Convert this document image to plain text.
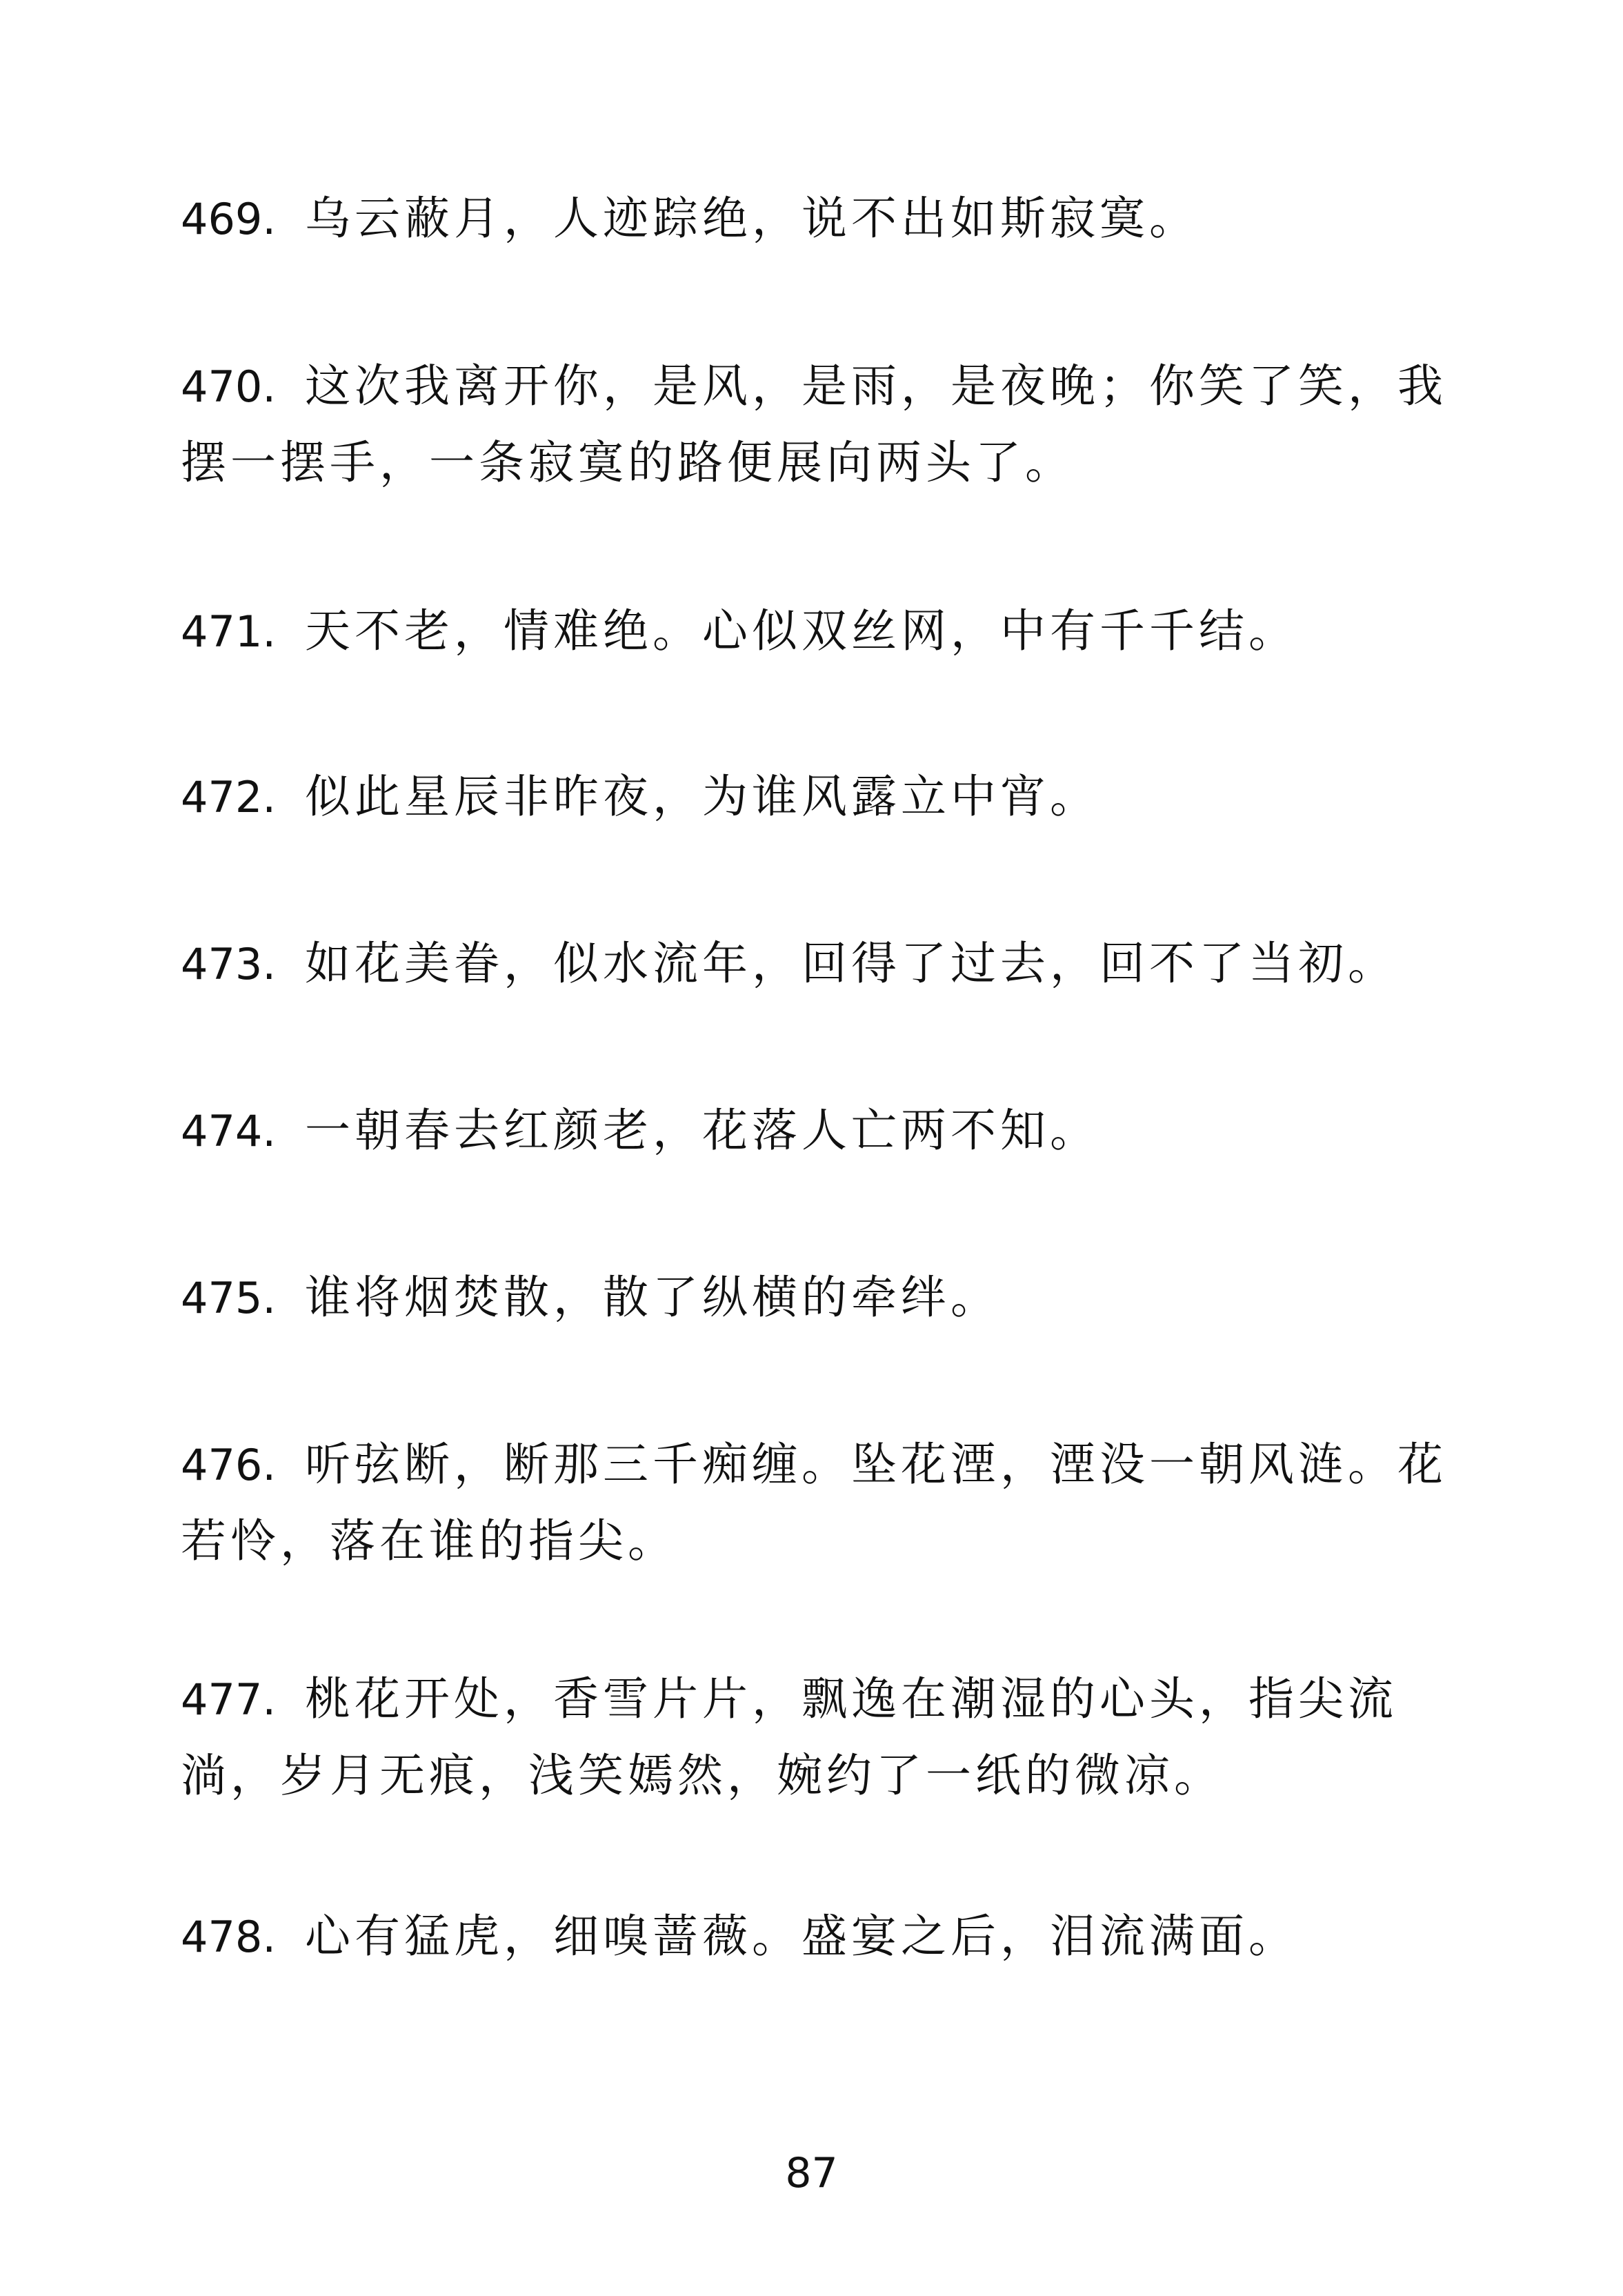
469. 乌云蔽月，人迹踪绝，说不出如斯寂寞。

470. 这次我离开你，是风，是雨，是夜晚；你笑了笑，我摆一摆手，一条寂寞的路便展向两头了。

471. 天不老，情难绝。心似双丝网，中有千千结。

472. 似此星辰非昨夜，为谁风露立中宵。

473. 如花美眷，似水流年，回得了过去，回不了当初。

474. 一朝春去红颜老，花落人亡两不知。

475. 谁将烟焚散，散了纵横的牵绊。

476. 听弦断，断那三千痴缠。坠花湮，湮没一朝风涟。花若怜，落在谁的指尖。

477. 桃花开处，香雪片片，飘逸在潮湿的心头，指尖流淌，岁月无痕，浅笑嫣然，婉约了一纸的微凉。

478. 心有猛虎，细嗅蔷薇。盛宴之后，泪流满面。

87
